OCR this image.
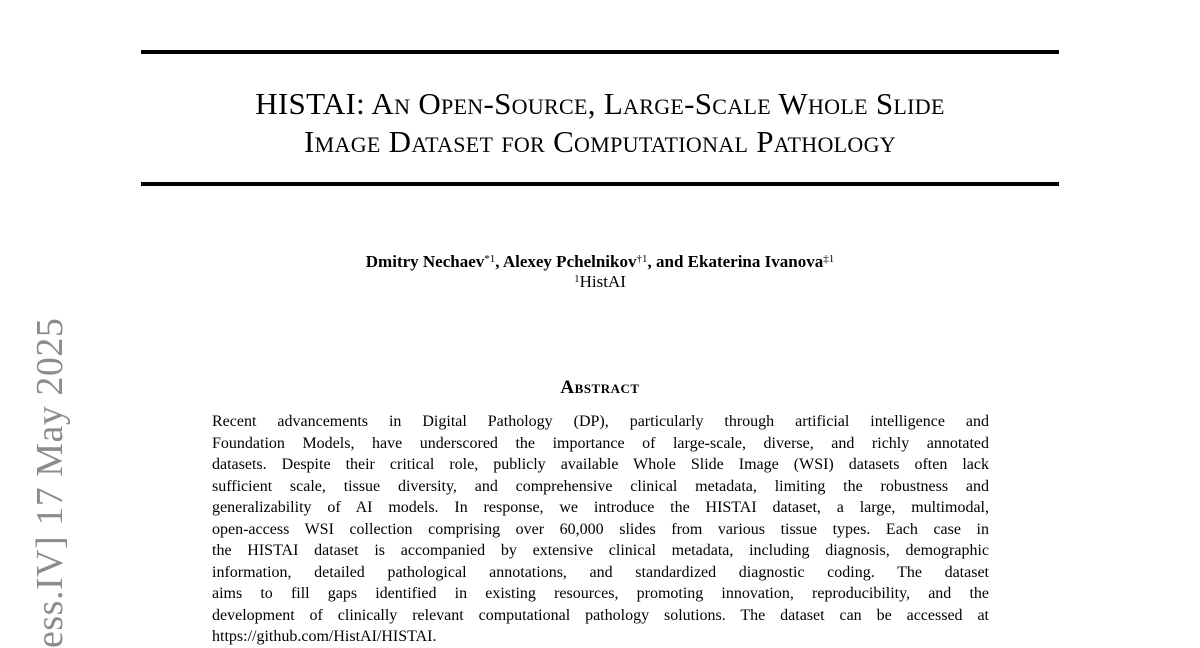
ess.IV] 17 May 2025
HISTAI: An Open-Source, Large-Scale Whole Slide
Image Dataset for Computational Pathology
Dmitry Nechaev$^{*1}$, Alexey Pchelnikov$^{\dagger 1}$, and Ekaterina Ivanova$^{\ddagger 1}$
$^1$HistAI
Abstract
Recent advancements in Digital Pathology (DP), particularly through artificial intelligence and
Foundation Models, have underscored the importance of large-scale, diverse, and richly annotated
datasets. Despite their critical role, publicly available Whole Slide Image (WSI) datasets often lack
sufficient scale, tissue diversity, and comprehensive clinical metadata, limiting the robustness and
generalizability of AI models. In response, we introduce the HISTAI dataset, a large, multimodal,
open-access WSI collection comprising over 60,000 slides from various tissue types. Each case in
the HISTAI dataset is accompanied by extensive clinical metadata, including diagnosis, demographic
information, detailed pathological annotations, and standardized diagnostic coding. The dataset
aims to fill gaps identified in existing resources, promoting innovation, reproducibility, and the
development of clinically relevant computational pathology solutions. The dataset can be accessed at
https://github.com/HistAI/HISTAI.
